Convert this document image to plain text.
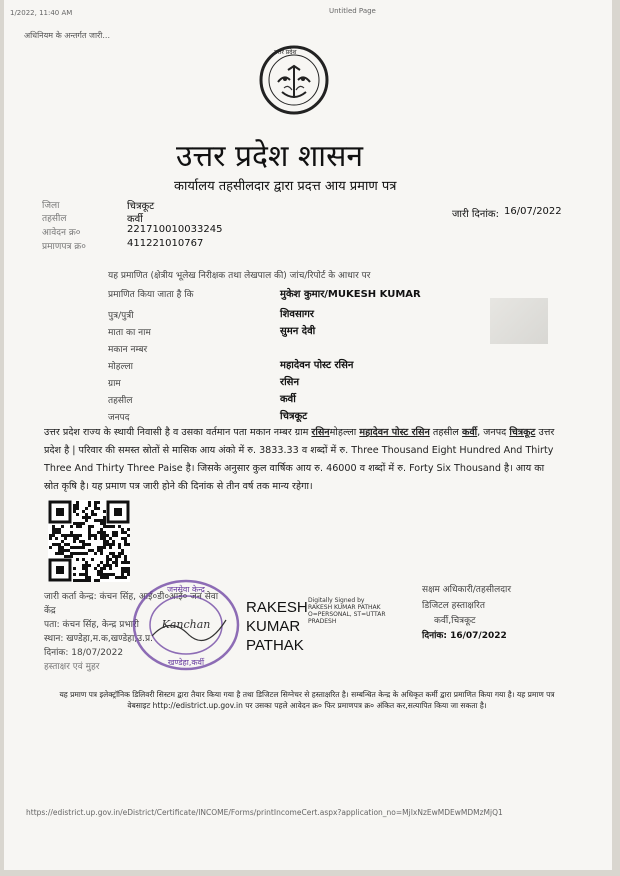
1/2022, 11:40 AM	Untitled Page
अधिनियम के अन्तर्गत जारी...
उत्तर प्रदेश
उत्तर प्रदेश शासन
कार्यालय तहसीलदार द्वारा प्रदत्त आय प्रमाण पत्र
जिला	चित्रकूट
तहसील	कर्वी
आवेदन क्र०	221710010033245
प्रमाणपत्र क्र०	411221010767
जारी दिनांक: 16/07/2022
यह प्रमाणित (क्षेत्रीय भूलेख निरीक्षक तथा लेखपाल की) जांच/रिपोर्ट के आधार पर
प्रमाणित किया जाता है कि	मुकेश कुमार/MUKESH KUMAR
पुत्र/पुत्री	शिवसागर
माता का नाम	सुमन देवी
मकान नम्बर
मोहल्ला	महादेवन पोस्ट रसिन
ग्राम	रसिन
तहसील	कर्वी
जनपद	चित्रकूट
उत्तर प्रदेश राज्य के स्थायी निवासी है व उसका वर्तमान पता मकान नम्बर ग्राम रसिनमोहल्ला महादेवन पोस्ट रसिन तहसील कर्वी, जनपद चित्रकूट उत्तर प्रदेश है | परिवार की समस्त स्रोतों से मासिक आय अंको में रु. 3833.33 व शब्दों में रु. Three Thousand Eight Hundred And Thirty Three And Thirty Three Paise है। जिसके अनुसार कुल वार्षिक आय रु. 46000 व शब्दों में रु. Forty Six Thousand है। आय का स्रोत कृषि है। यह प्रमाण पत्र जारी होने की दिनांक से तीन वर्ष तक मान्य रहेगा।
जारी कर्ता केन्द्र: कंचन सिंह, आई०डी०आई० जन सेवा
केंद्र
पता: कंचन सिंह, केन्द्र प्रभारी
स्थान: खण्डेहा,म.क,खण्डेहा,उ.प्र.
दिनांक: 18/07/2022
हस्ताक्षर एवं मुहर
जनसेवा केन्द्र
खण्डेहा,कर्वी
Kanchan
RAKESH KUMAR PATHAK
Digitally Signed by
RAKESH KUMAR PATHAK
O=PERSONAL, ST=UTTAR
PRADESH
सक्षम अधिकारी/तहसीलदार
डिजिटल हस्ताक्षरित
कर्वी,चित्रकूट
दिनांक: 16/07/2022
यह प्रमाण पत्र इलेक्ट्रॉनिक डिलिवरी सिस्टम द्वारा तैयार किया गया है तथा डिजिटल सिग्नेचर से हस्ताक्षरित है। सम्बन्धित केन्द्र के अधिकृत कर्मी द्वारा प्रमाणित किया गया है। यह प्रमाण पत्र वेबसाइट http://edistrict.up.gov.in पर उसका पहले आवेदन क्र० फिर प्रमाणपत्र क्र० अंकित कर,सत्यापित किया जा सकता है।
https://edistrict.up.gov.in/eDistrict/Certificate/INCOME/Forms/printIncomeCert.aspx?application_no=MjIxNzEwMDEwMDMzMjQ1
